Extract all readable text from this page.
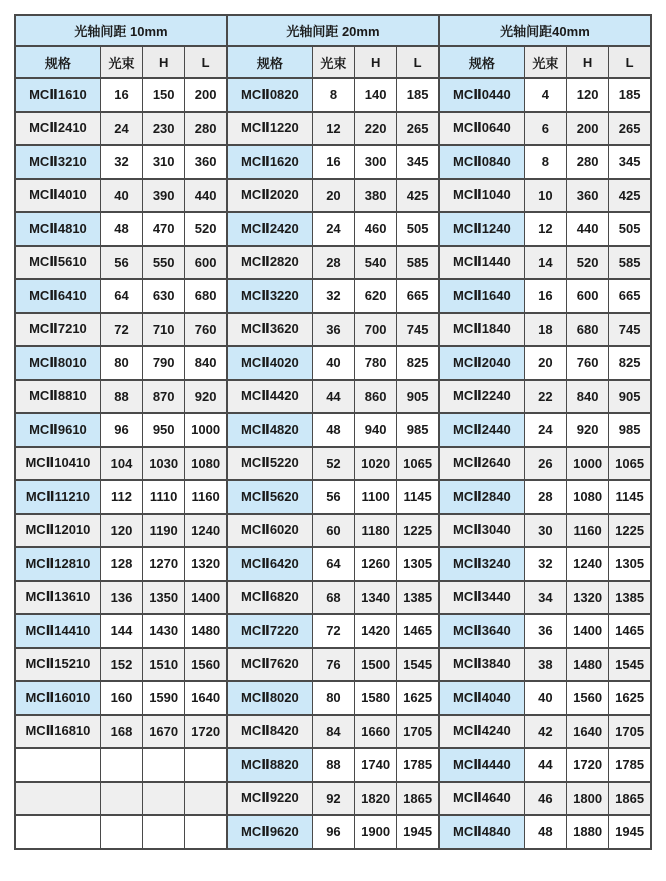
光轴间距 10mm				光轴间距 20mm				光轴间距40mm			
规格	光束	H	L	规格	光束	H	L	规格	光束	H	L
MCⅡ1610	16	150	200	MCⅡ0820	8	140	185	MCⅡ0440	4	120	185
MCⅡ2410	24	230	280	MCⅡ1220	12	220	265	MCⅡ0640	6	200	265
MCⅡ3210	32	310	360	MCⅡ1620	16	300	345	MCⅡ0840	8	280	345
MCⅡ4010	40	390	440	MCⅡ2020	20	380	425	MCⅡ1040	10	360	425
MCⅡ4810	48	470	520	MCⅡ2420	24	460	505	MCⅡ1240	12	440	505
MCⅡ5610	56	550	600	MCⅡ2820	28	540	585	MCⅡ1440	14	520	585
MCⅡ6410	64	630	680	MCⅡ3220	32	620	665	MCⅡ1640	16	600	665
MCⅡ7210	72	710	760	MCⅡ3620	36	700	745	MCⅡ1840	18	680	745
MCⅡ8010	80	790	840	MCⅡ4020	40	780	825	MCⅡ2040	20	760	825
MCⅡ8810	88	870	920	MCⅡ4420	44	860	905	MCⅡ2240	22	840	905
MCⅡ9610	96	950	1000	MCⅡ4820	48	940	985	MCⅡ2440	24	920	985
MCⅡ10410	104	1030	1080	MCⅡ5220	52	1020	1065	MCⅡ2640	26	1000	1065
MCⅡ11210	112	1110	1160	MCⅡ5620	56	1100	1145	MCⅡ2840	28	1080	1145
MCⅡ12010	120	1190	1240	MCⅡ6020	60	1180	1225	MCⅡ3040	30	1160	1225
MCⅡ12810	128	1270	1320	MCⅡ6420	64	1260	1305	MCⅡ3240	32	1240	1305
MCⅡ13610	136	1350	1400	MCⅡ6820	68	1340	1385	MCⅡ3440	34	1320	1385
MCⅡ14410	144	1430	1480	MCⅡ7220	72	1420	1465	MCⅡ3640	36	1400	1465
MCⅡ15210	152	1510	1560	MCⅡ7620	76	1500	1545	MCⅡ3840	38	1480	1545
MCⅡ16010	160	1590	1640	MCⅡ8020	80	1580	1625	MCⅡ4040	40	1560	1625
MCⅡ16810	168	1670	1720	MCⅡ8420	84	1660	1705	MCⅡ4240	42	1640	1705
				MCⅡ8820	88	1740	1785	MCⅡ4440	44	1720	1785
				MCⅡ9220	92	1820	1865	MCⅡ4640	46	1800	1865
				MCⅡ9620	96	1900	1945	MCⅡ4840	48	1880	1945
